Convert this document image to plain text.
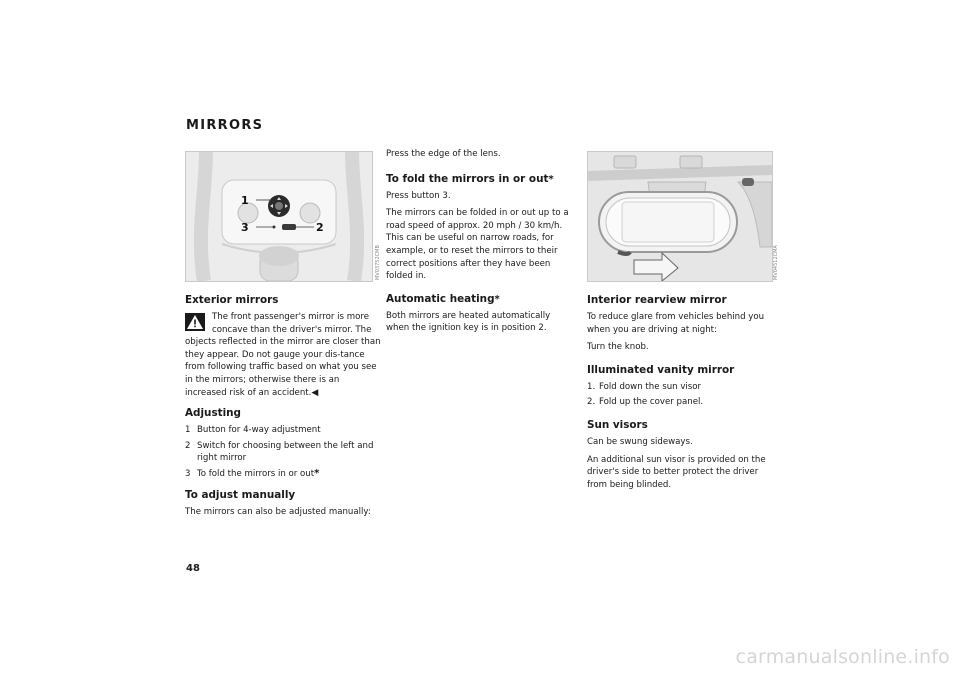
MIRRORS
1
2
3
MV03752CMB	MV04512CMA
Exterior mirrors

The front passenger's mirror is more concave than the driver's mirror. The objects reflected in the mirror are closer than they appear. Do not gauge your dis-tance from following traffic based on what you see in the mirrors; otherwise there is an increased risk of an accident.◀

Adjusting
1 Button for 4-way adjustment
2 Switch for choosing between the left and right mirror
3 To fold the mirrors in or out*
To adjust manually

The mirrors can also be adjusted manually:

Press the edge of the lens.

To fold the mirrors in or out*

Press button 3.

The mirrors can be folded in or out up to a road speed of approx. 20 mph / 30 km/h. This can be useful on narrow roads, for example, or to reset the mirrors to their correct positions after they have been folded in.

Automatic heating*

Both mirrors are heated automatically when the ignition key is in position 2.

Interior rearview mirror

To reduce glare from vehicles behind you when you are driving at night:

Turn the knob.

Illuminated vanity mirror
1. Fold down the sun visor
2. Fold up the cover panel.
Sun visors

Can be swung sideways.

An additional sun visor is provided on the driver's side to better protect the driver from being blinded.

48
carmanualsonline.info
